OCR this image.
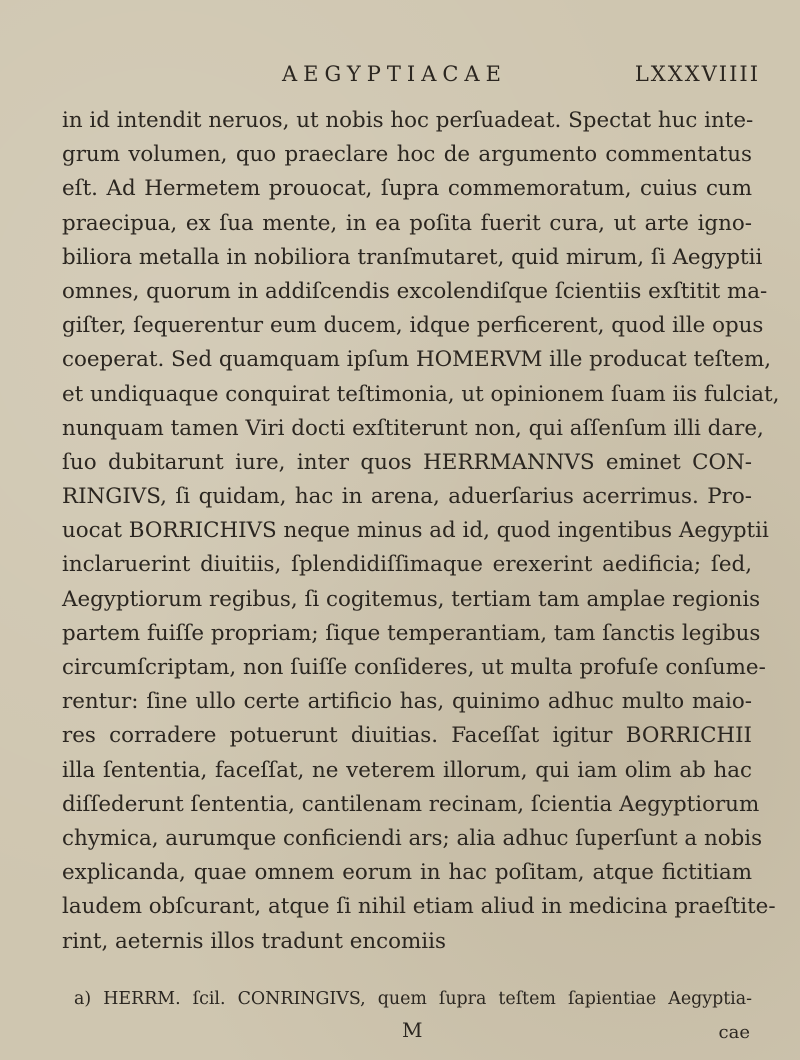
AEGYPTIACAE	LXXXVIIII
in id intendit neruos, ut nobis hoc perſuadeat. Spectat huc inte-
grum volumen, quo praeclare hoc de argumento commentatus
eſt. Ad Hermetem prouocat, ſupra commemoratum, cuius cum
praecipua, ex ſua mente, in ea poſita fuerit cura, ut arte igno-
biliora metalla in nobiliora tranſmutaret, quid mirum, ſi Aegyptii
omnes, quorum in addiſcendis excolendiſque ſcientiis exſtitit ma-
giſter, ſequerentur eum ducem, idque perficerent, quod ille opus
coeperat. Sed quamquam ipſum HOMERVM ille producat teſtem,
et undiquaque conquirat teſtimonia, ut opinionem ſuam iis fulciat,
nunquam tamen Viri docti exſtiterunt non, qui aſſenſum illi dare,
ſuo dubitarunt iure, inter quos HERRMANNVS eminet CON-
RINGIVS, ſi quidam, hac in arena, aduerſarius acerrimus. Pro-
uocat BORRICHIVS neque minus ad id, quod ingentibus Aegyptii
inclaruerint diuitiis, ſplendidiſſimaque erexerint aedificia; ſed,
Aegyptiorum regibus, ſi cogitemus, tertiam tam amplae regionis
partem fuiſſe propriam; ſique temperantiam, tam ſanctis legibus
circumſcriptam, non ſuiſſe conſideres, ut multa profuſe conſume-
rentur: ſine ullo certe artificio has, quinimo adhuc multo maio-
res corradere potuerunt diuitias. Faceſſat igitur BORRICHII
illa ſententia, faceſſat, ne veterem illorum, qui iam olim ab hac
diſſederunt ſententia, cantilenam recinam, ſcientia Aegyptiorum
chymica, aurumque conficiendi ars; alia adhuc ſuperſunt a nobis
explicanda, quae omnem eorum in hac poſitam, atque fictitiam
laudem obſcurant, atque ſi nihil etiam aliud in medicina praeſtite-
rint, aeternis illos tradunt encomiis
a) HERRM. ſcil. CONRINGIVS, quem ſupra teſtem ſapientiae Aegyptia-
M	cae
